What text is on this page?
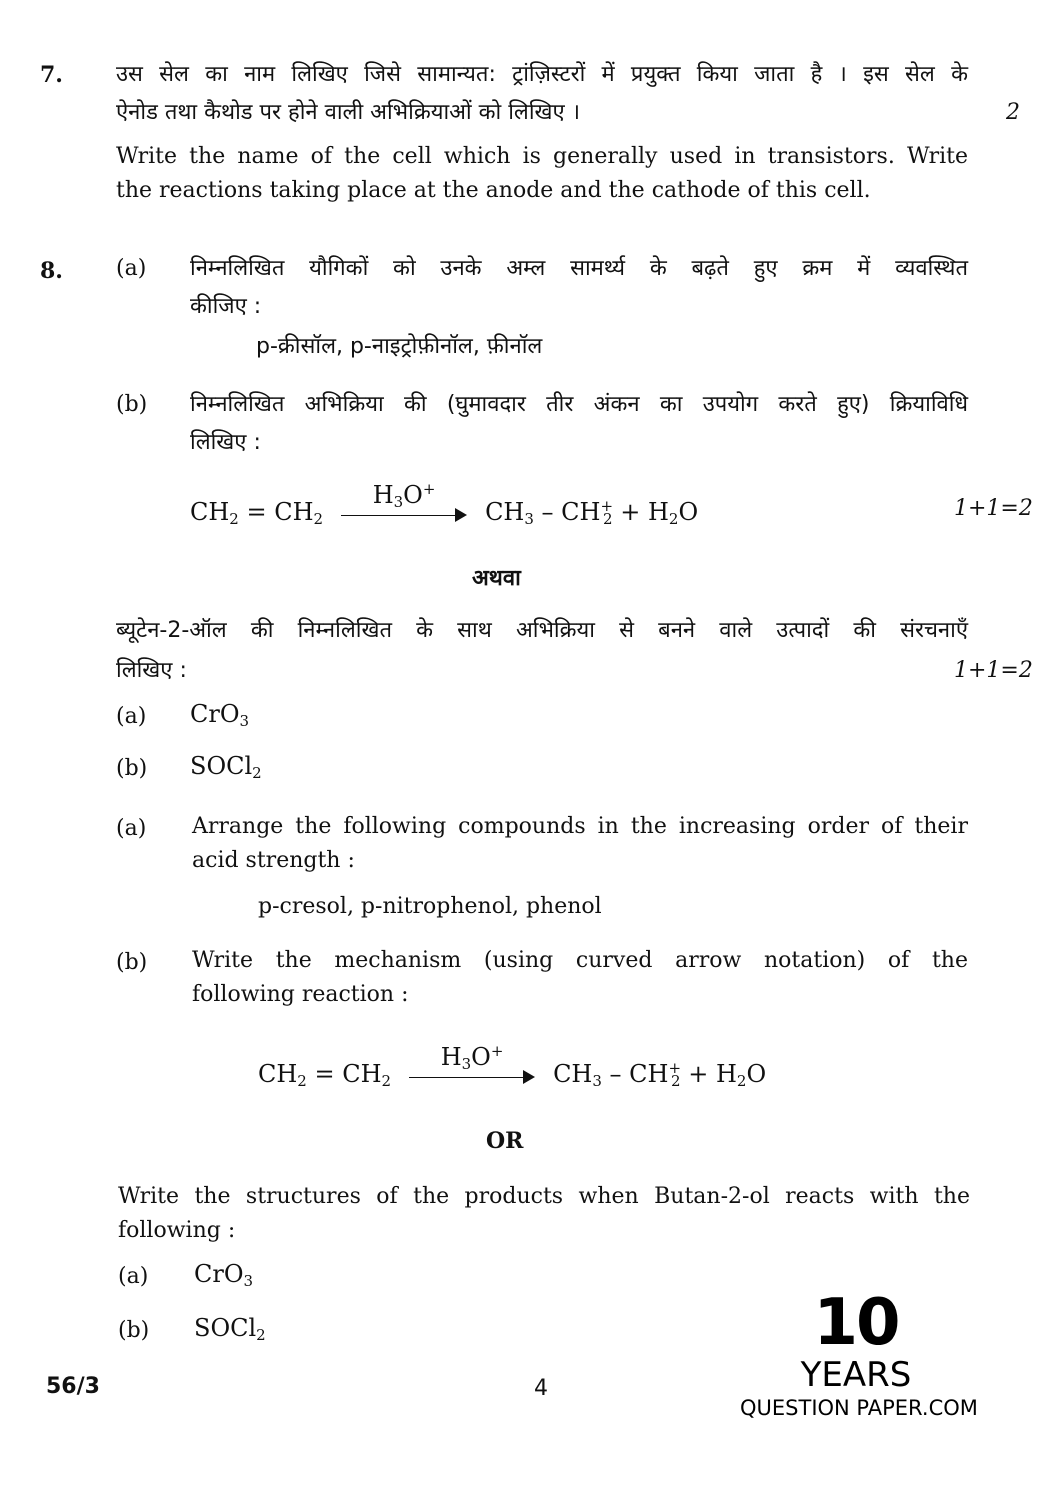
7. उस सेल का नाम लिखिए जिसे सामान्यत: ट्रांज़िस्टरों में प्रयुक्त किया जाता है । इस सेल के
ऐनोड तथा कैथोड पर होने वाली अभिक्रियाओं को लिखिए ।	2
Write the name of the cell which is generally used in transistors. Write
the reactions taking place at the anode and the cathode of this cell.
8. (a) निम्नलिखित यौगिकों को उनके अम्ल सामर्थ्य के बढ़ते हुए क्रम में व्यवस्थित
कीजिए :
p-क्रीसॉल, p-नाइट्रोफ़ीनॉल, फ़ीनॉल
(b) निम्नलिखित अभिक्रिया की (घुमावदार तीर अंकन का उपयोग करते हुए) क्रियाविधि
लिखिए :
$CH_2 = CH_2$
$H_3O^+$
$CH_3 - CH^+_2 + H_2O$	1+1=2
अथवा
ब्यूटेन-2-ऑल की निम्नलिखित के साथ अभिक्रिया से बनने वाले उत्पादों की संरचनाएँ
लिखिए :	1+1=2
(a) CrO$_3$
(b) SOCl$_2$
(a) Arrange the following compounds in the increasing order of their
acid strength :
p-cresol, p-nitrophenol, phenol
(b) Write the mechanism (using curved arrow notation) of the
following reaction :
$CH_2 = CH_2$
$H_3O^+$
$CH_3 - CH^+_2 + H_2O$
OR
Write the structures of the products when Butan-2-ol reacts with the
following :
(a) CrO$_3$
(b) SOCl$_2$
56/3	4
10
YEARS
QUESTION PAPER.COM
